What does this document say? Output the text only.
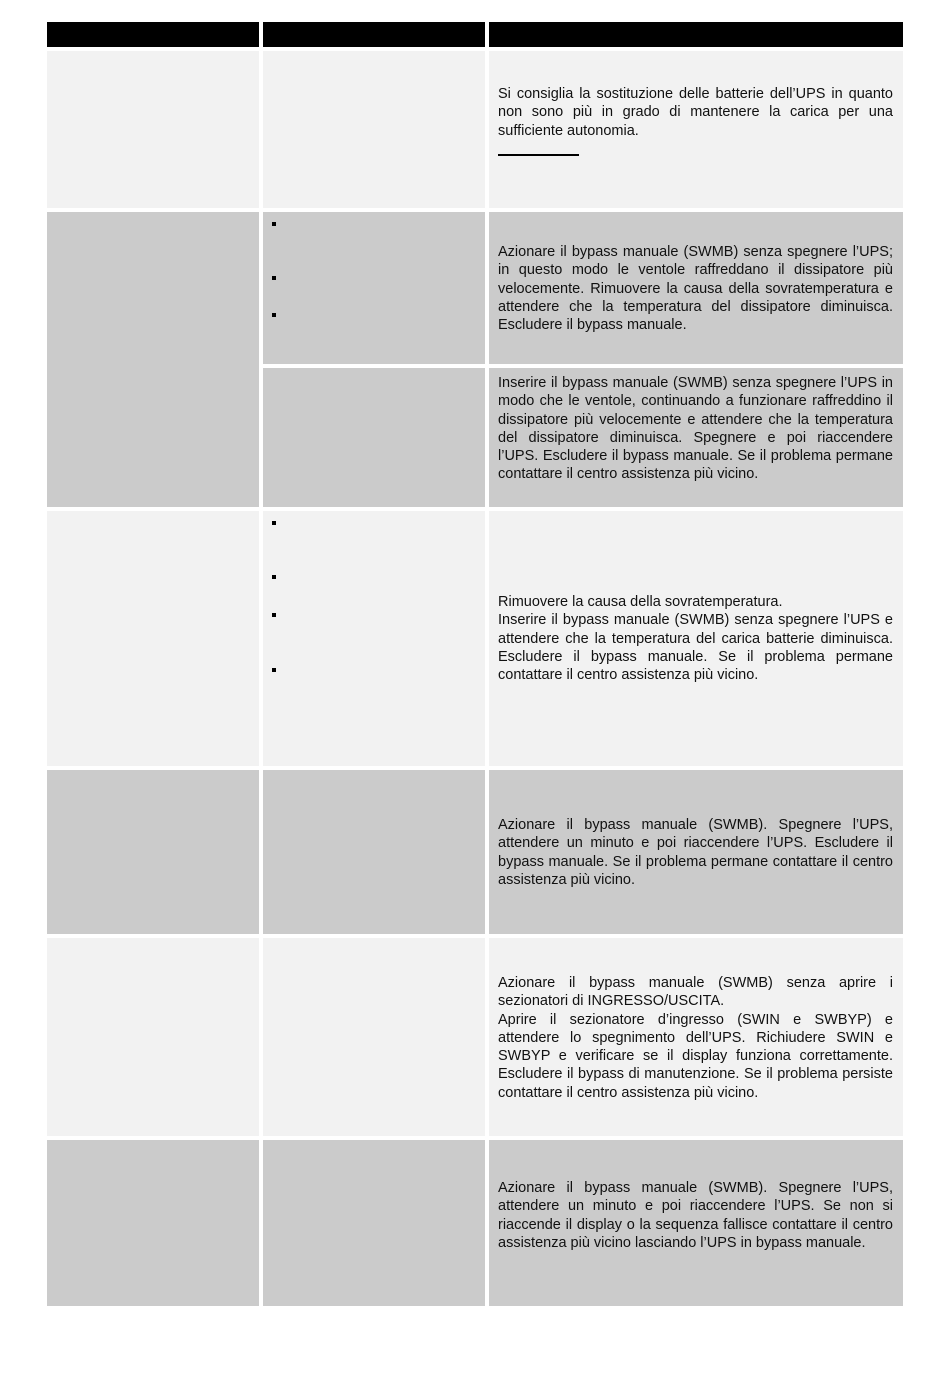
Si consiglia la sostituzione delle batterie dell’UPS in quanto non sono più in grado di mantenere la carica per una sufficiente autonomia.

Azionare il bypass manuale (SWMB) senza spegnere l’UPS; in questo modo le ventole raffreddano il dissipatore più velocemente. Rimuovere la causa della sovratemperatura e attendere che la temperatura del dissipatore diminuisca. Escludere il bypass manuale.

Inserire il bypass manuale (SWMB) senza spegnere l’UPS in modo che le ventole, continuando a funzionare raffreddino il dissipatore più velocemente e attendere che la temperatura del dissipatore diminuisca. Spegnere e poi riaccendere l’UPS. Escludere il bypass manuale. Se il problema permane contattare il centro assistenza più vicino.

Rimuovere la causa della sovratemperatura.

Inserire il bypass manuale (SWMB) senza spegnere l’UPS e attendere che la temperatura del carica batterie diminuisca. Escludere il bypass manuale. Se il problema permane contattare il centro assistenza più vicino.

Azionare il bypass manuale (SWMB). Spegnere l’UPS, attendere un minuto e poi riaccendere l’UPS. Escludere il bypass manuale. Se il problema permane contattare il centro assistenza più vicino.

Azionare il bypass manuale (SWMB) senza aprire i sezionatori di INGRESSO/USCITA.

Aprire il sezionatore d’ingresso (SWIN e SWBYP) e attendere lo spegnimento dell’UPS. Richiudere SWIN e SWBYP e verificare se il display funziona correttamente. Escludere il bypass di manutenzione. Se il problema persiste contattare il centro assistenza più vicino.

Azionare il bypass manuale (SWMB). Spegnere l’UPS, attendere un minuto e poi riaccendere l’UPS. Se non si riaccende il display o la sequenza fallisce contattare il centro assistenza più vicino lasciando l’UPS in bypass manuale.
